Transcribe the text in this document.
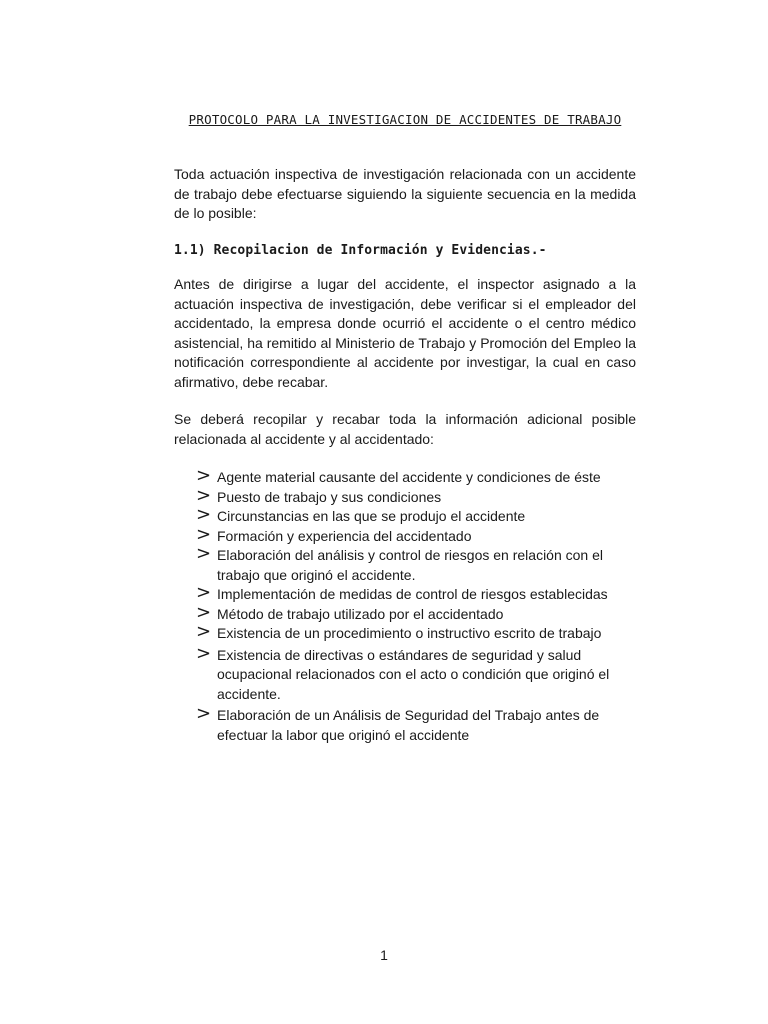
PROTOCOLO PARA LA INVESTIGACION DE ACCIDENTES DE TRABAJO

Toda actuación inspectiva de investigación relacionada con un accidente de trabajo debe efectuarse siguiendo la siguiente secuencia en la medida de lo posible:

1.1) Recopilacion de Información y Evidencias.-

Antes de dirigirse a lugar del accidente, el inspector asignado a la actuación inspectiva de investigación, debe verificar si el empleador del accidentado, la empresa donde ocurrió el accidente o el centro médico asistencial, ha remitido al Ministerio de Trabajo y Promoción del Empleo la notificación correspondiente al accidente por investigar, la cual en caso afirmativo, debe recabar.

Se deberá recopilar y recabar toda la información adicional posible relacionada al accidente y al accidentado:

> Agente material causante del accidente y condiciones de éste
> Puesto de trabajo y sus condiciones
> Circunstancias en las que se produjo el accidente
> Formación y experiencia del accidentado
> Elaboración del análisis y control de riesgos en relación con el trabajo que originó el accidente.
> Implementación de medidas de control de riesgos establecidas
> Método de trabajo utilizado por el accidentado
> Existencia de un procedimiento o instructivo escrito de trabajo
> Existencia de directivas o estándares de seguridad y salud ocupacional relacionados con el acto o condición que originó el accidente.
> Elaboración de un Análisis de Seguridad del Trabajo antes de efectuar la labor que originó el accidente
1
